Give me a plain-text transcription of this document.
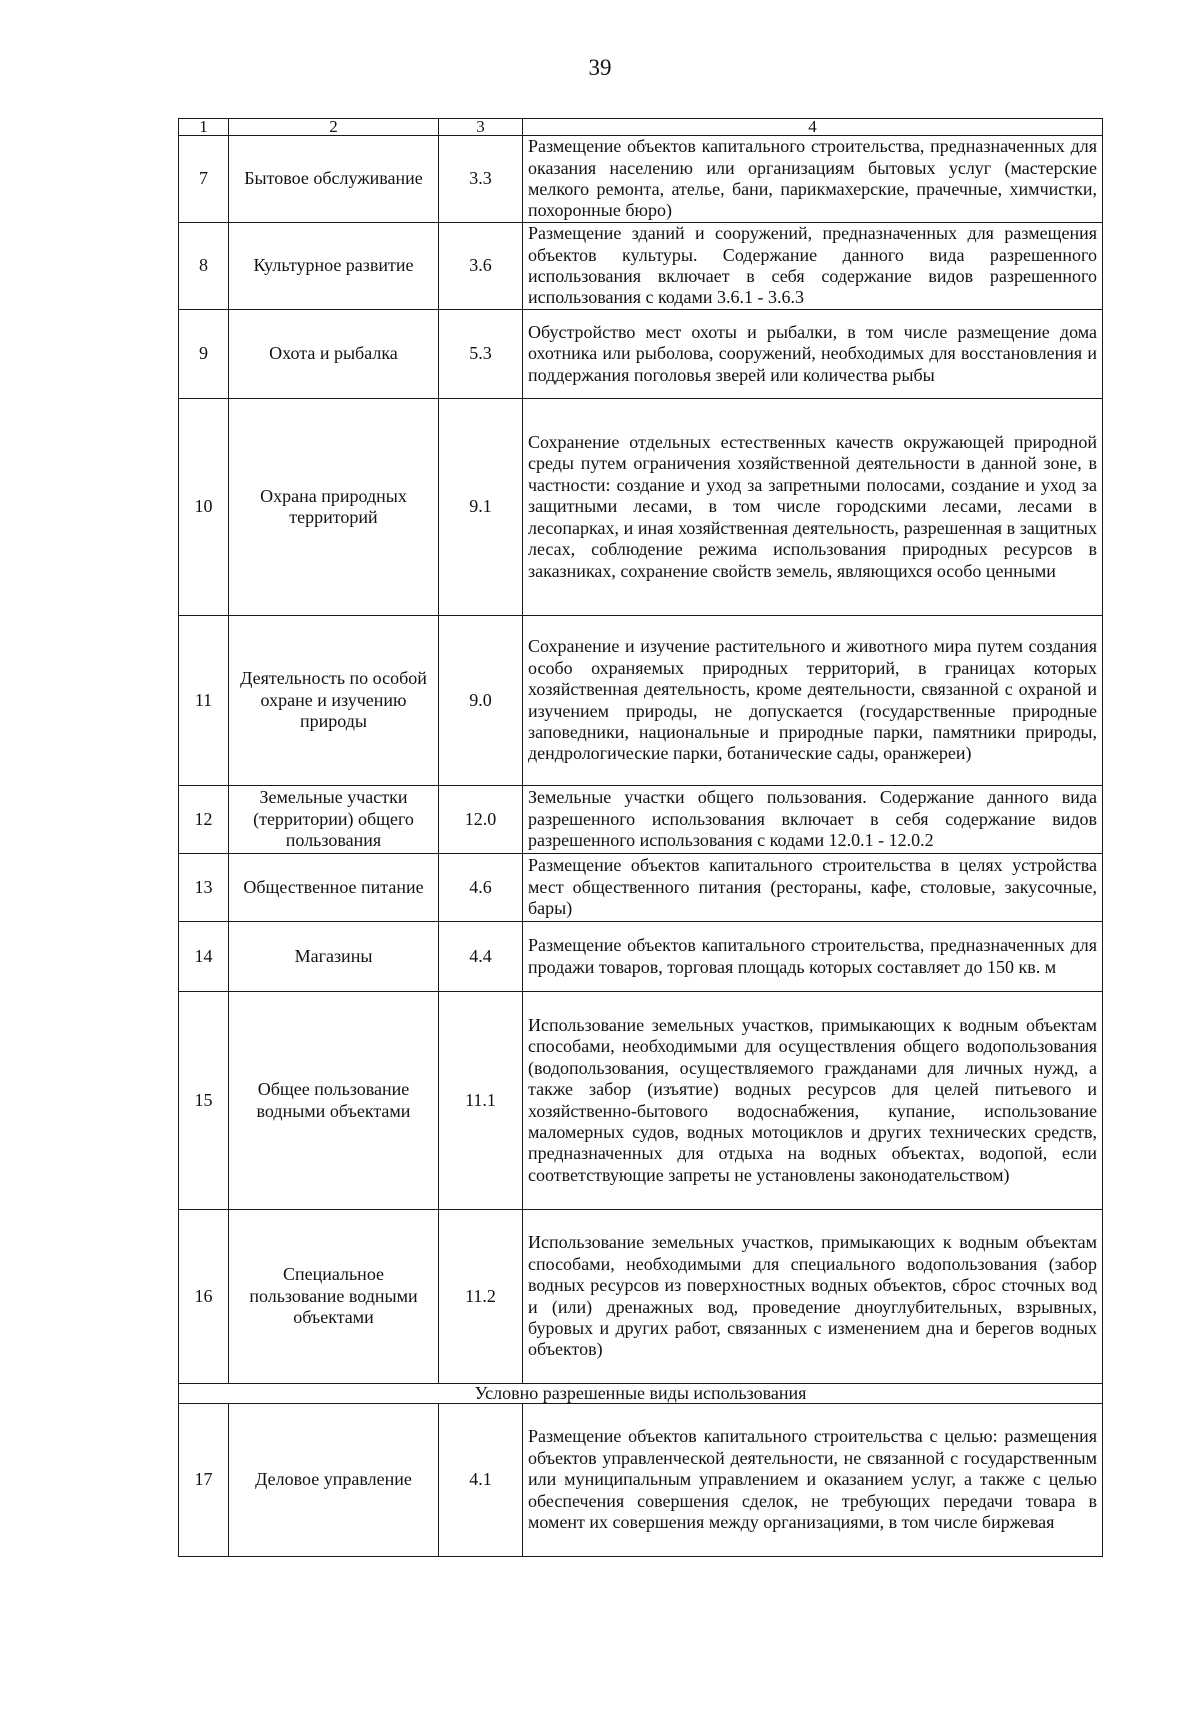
39
1	2	3	4
7	Бытовое обслуживание	3.3	Размещение объектов капитального строительства, предназначенных для оказания населению или организациям бытовых услуг (мастерские мелкого ремонта, ателье, бани, парикмахерские, прачечные, химчистки, похоронные бюро)
8	Культурное развитие	3.6	Размещение зданий и сооружений, предназначенных для размещения объектов культуры. Содержание данного вида разрешенного использования включает в себя содержание видов разрешенного использования с кодами 3.6.1 - 3.6.3
9	Охота и рыбалка	5.3	Обустройство мест охоты и рыбалки, в том числе размещение дома охотника или рыболова, сооружений, необходимых для восстановления и поддержания поголовья зверей или количества рыбы
10	Охрана природных территорий	9.1	Сохранение отдельных естественных качеств окружающей природной среды путем ограничения хозяйственной деятельности в данной зоне, в частности: создание и уход за запретными полосами, создание и уход за защитными лесами, в том числе городскими лесами, лесами в лесопарках, и иная хозяйственная деятельность, разрешенная в защитных лесах, соблюдение режима использования природных ресурсов в заказниках, сохранение свойств земель, являющихся особо ценными
11	Деятельность по особой охране и изучению природы	9.0	Сохранение и изучение растительного и животного мира путем создания особо охраняемых природных территорий, в границах которых хозяйственная деятельность, кроме деятельности, связанной с охраной и изучением природы, не допускается (государственные природные заповедники, национальные и природные парки, памятники природы, дендрологические парки, ботанические сады, оранжереи)
12	Земельные участки (территории) общего пользования	12.0	Земельные участки общего пользования. Содержание данного вида разрешенного использования включает в себя содержание видов разрешенного использования с кодами 12.0.1 - 12.0.2
13	Общественное питание	4.6	Размещение объектов капитального строительства в целях устройства мест общественного питания (рестораны, кафе, столовые, закусочные, бары)
14	Магазины	4.4	Размещение объектов капитального строительства, предназначенных для продажи товаров, торговая площадь которых составляет до 150 кв. м
15	Общее пользование водными объектами	11.1	Использование земельных участков, примыкающих к водным объектам способами, необходимыми для осуществления общего водопользования (водопользования, осуществляемого гражданами для личных нужд, а также забор (изъятие) водных ресурсов для целей питьевого и хозяйственно-бытового водоснабжения, купание, использование маломерных судов, водных мотоциклов и других технических средств, предназначенных для отдыха на водных объектах, водопой, если соответствующие запреты не установлены законодательством)
16	Специальное пользование водными объектами	11.2	Использование земельных участков, примыкающих к водным объектам способами, необходимыми для специального водопользования (забор водных ресурсов из поверхностных водных объектов, сброс сточных вод и (или) дренажных вод, проведение дноуглубительных, взрывных, буровых и других работ, связанных с изменением дна и берегов водных объектов)
Условно разрешенные виды использования			
17	Деловое управление	4.1	Размещение объектов капитального строительства с целью: размещения объектов управленческой деятельности, не связанной с государственным или муниципальным управлением и оказанием услуг, а также с целью обеспечения совершения сделок, не требующих передачи товара в момент их совершения между организациями, в том числе биржевая
